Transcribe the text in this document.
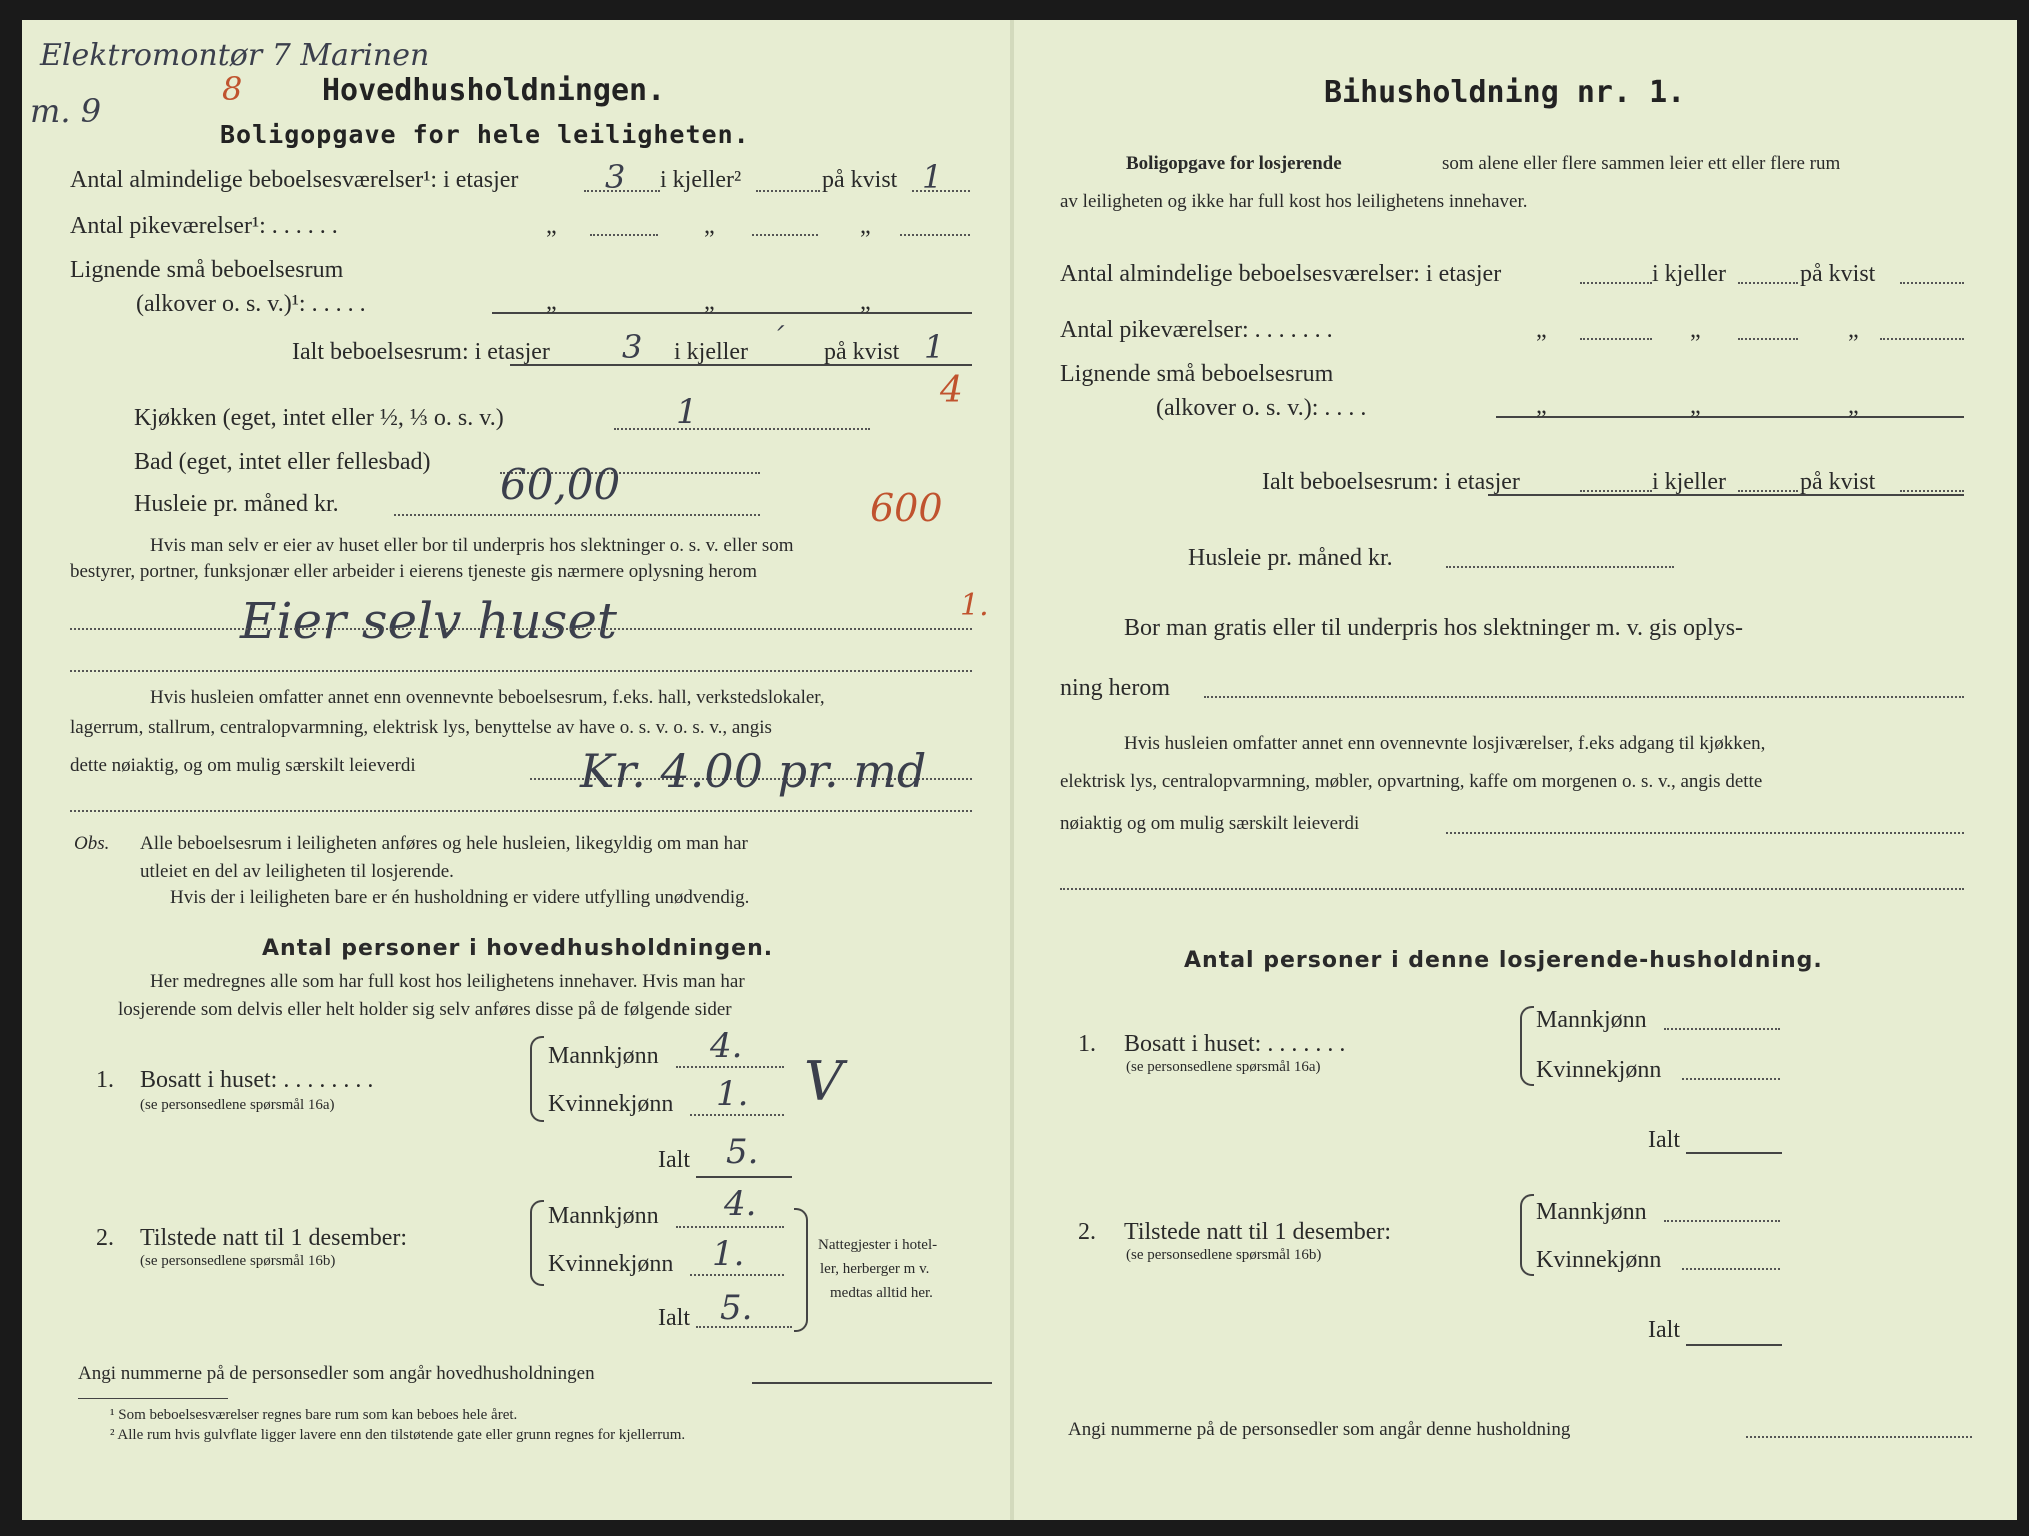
Elektromontør 7 Marinen
m. 9
8	Hovedhusholdningen.
Boligopgave for hele leiligheten.
Antal almindelige beboelsesværelser¹: i etasjer	3 i kjeller²	på kvist 1
Antal pikeværelser¹: . . . . . .	„	„	„
Lignende små beboelsesrum
(alkover o. s. v.)¹: . . . . .	„	„	„
Ialt beboelsesrum: i etasjer 3 i kjeller ´ på kvist 1
4
Kjøkken (eget, intet eller ½, ⅓ o. s. v.)	1
Bad (eget, intet eller fellesbad)
Husleie pr. måned kr.	60,00	600
Hvis man selv er eier av huset eller bor til underpris hos slektninger o. s. v. eller som
bestyrer, portner, funksjonær eller arbeider i eierens tjeneste gis nærmere oplysning herom
Eier selv huset	1.
Hvis husleien omfatter annet enn ovennevnte beboelsesrum, f.eks. hall, verkstedslokaler,
lagerrum, stallrum, centralopvarmning, elektrisk lys, benyttelse av have o. s. v. o. s. v., angis
dette nøiaktig, og om mulig særskilt leieverdi	Kr. 4.00 pr. md
Obs. Alle beboelsesrum i leiligheten anføres og hele husleien, likegyldig om man har
utleiet en del av leiligheten til losjerende.
Hvis der i leiligheten bare er én husholdning er videre utfylling unødvendig.
Antal personer i hovedhusholdningen.
Her medregnes alle som har full kost hos leilighetens innehaver. Hvis man har
losjerende som delvis eller helt holder sig selv anføres disse på de følgende sider
1. Bosatt i huset: . . . . . . . .
(se personsedlene spørsmål 16a)
Mannkjønn 4.
Kvinnekjønn 1. V
Ialt 5.
2. Tilstede natt til 1 desember:
(se personsedlene spørsmål 16b)
Mannkjønn 4.
Kvinnekjønn 1.
Ialt 5.
Nattegjester i hotel-
ler, herberger m v.
medtas alltid her.
Angi nummerne på de personsedler som angår hovedhusholdningen
¹ Som beboelsesværelser regnes bare rum som kan beboes hele året.
² Alle rum hvis gulvflate ligger lavere enn den tilstøtende gate eller grunn regnes for kjellerrum.
Bihusholdning nr. 1.
Boligopgave for losjerende	som alene eller flere sammen leier ett eller flere rum
av leiligheten og ikke har full kost hos leilighetens innehaver.
Antal almindelige beboelsesværelser: i etasjer	i kjeller	på kvist
Antal pikeværelser: . . . . . . .	„	„	„
Lignende små beboelsesrum
(alkover o. s. v.): . . . .	„	„	„
Ialt beboelsesrum: i etasjer	i kjeller	på kvist
Husleie pr. måned kr.
Bor man gratis eller til underpris hos slektninger m. v. gis oplys-
ning herom
Hvis husleien omfatter annet enn ovennevnte losjiværelser, f.eks adgang til kjøkken,
elektrisk lys, centralopvarmning, møbler, opvartning, kaffe om morgenen o. s. v., angis dette
nøiaktig og om mulig særskilt leieverdi
Antal personer i denne losjerende-husholdning.
1. Bosatt i huset: . . . . . . .
(se personsedlene spørsmål 16a)
Mannkjønn
Kvinnekjønn
Ialt
2. Tilstede natt til 1 desember:
(se personsedlene spørsmål 16b)
Mannkjønn
Kvinnekjønn
Ialt
Angi nummerne på de personsedler som angår denne husholdning
